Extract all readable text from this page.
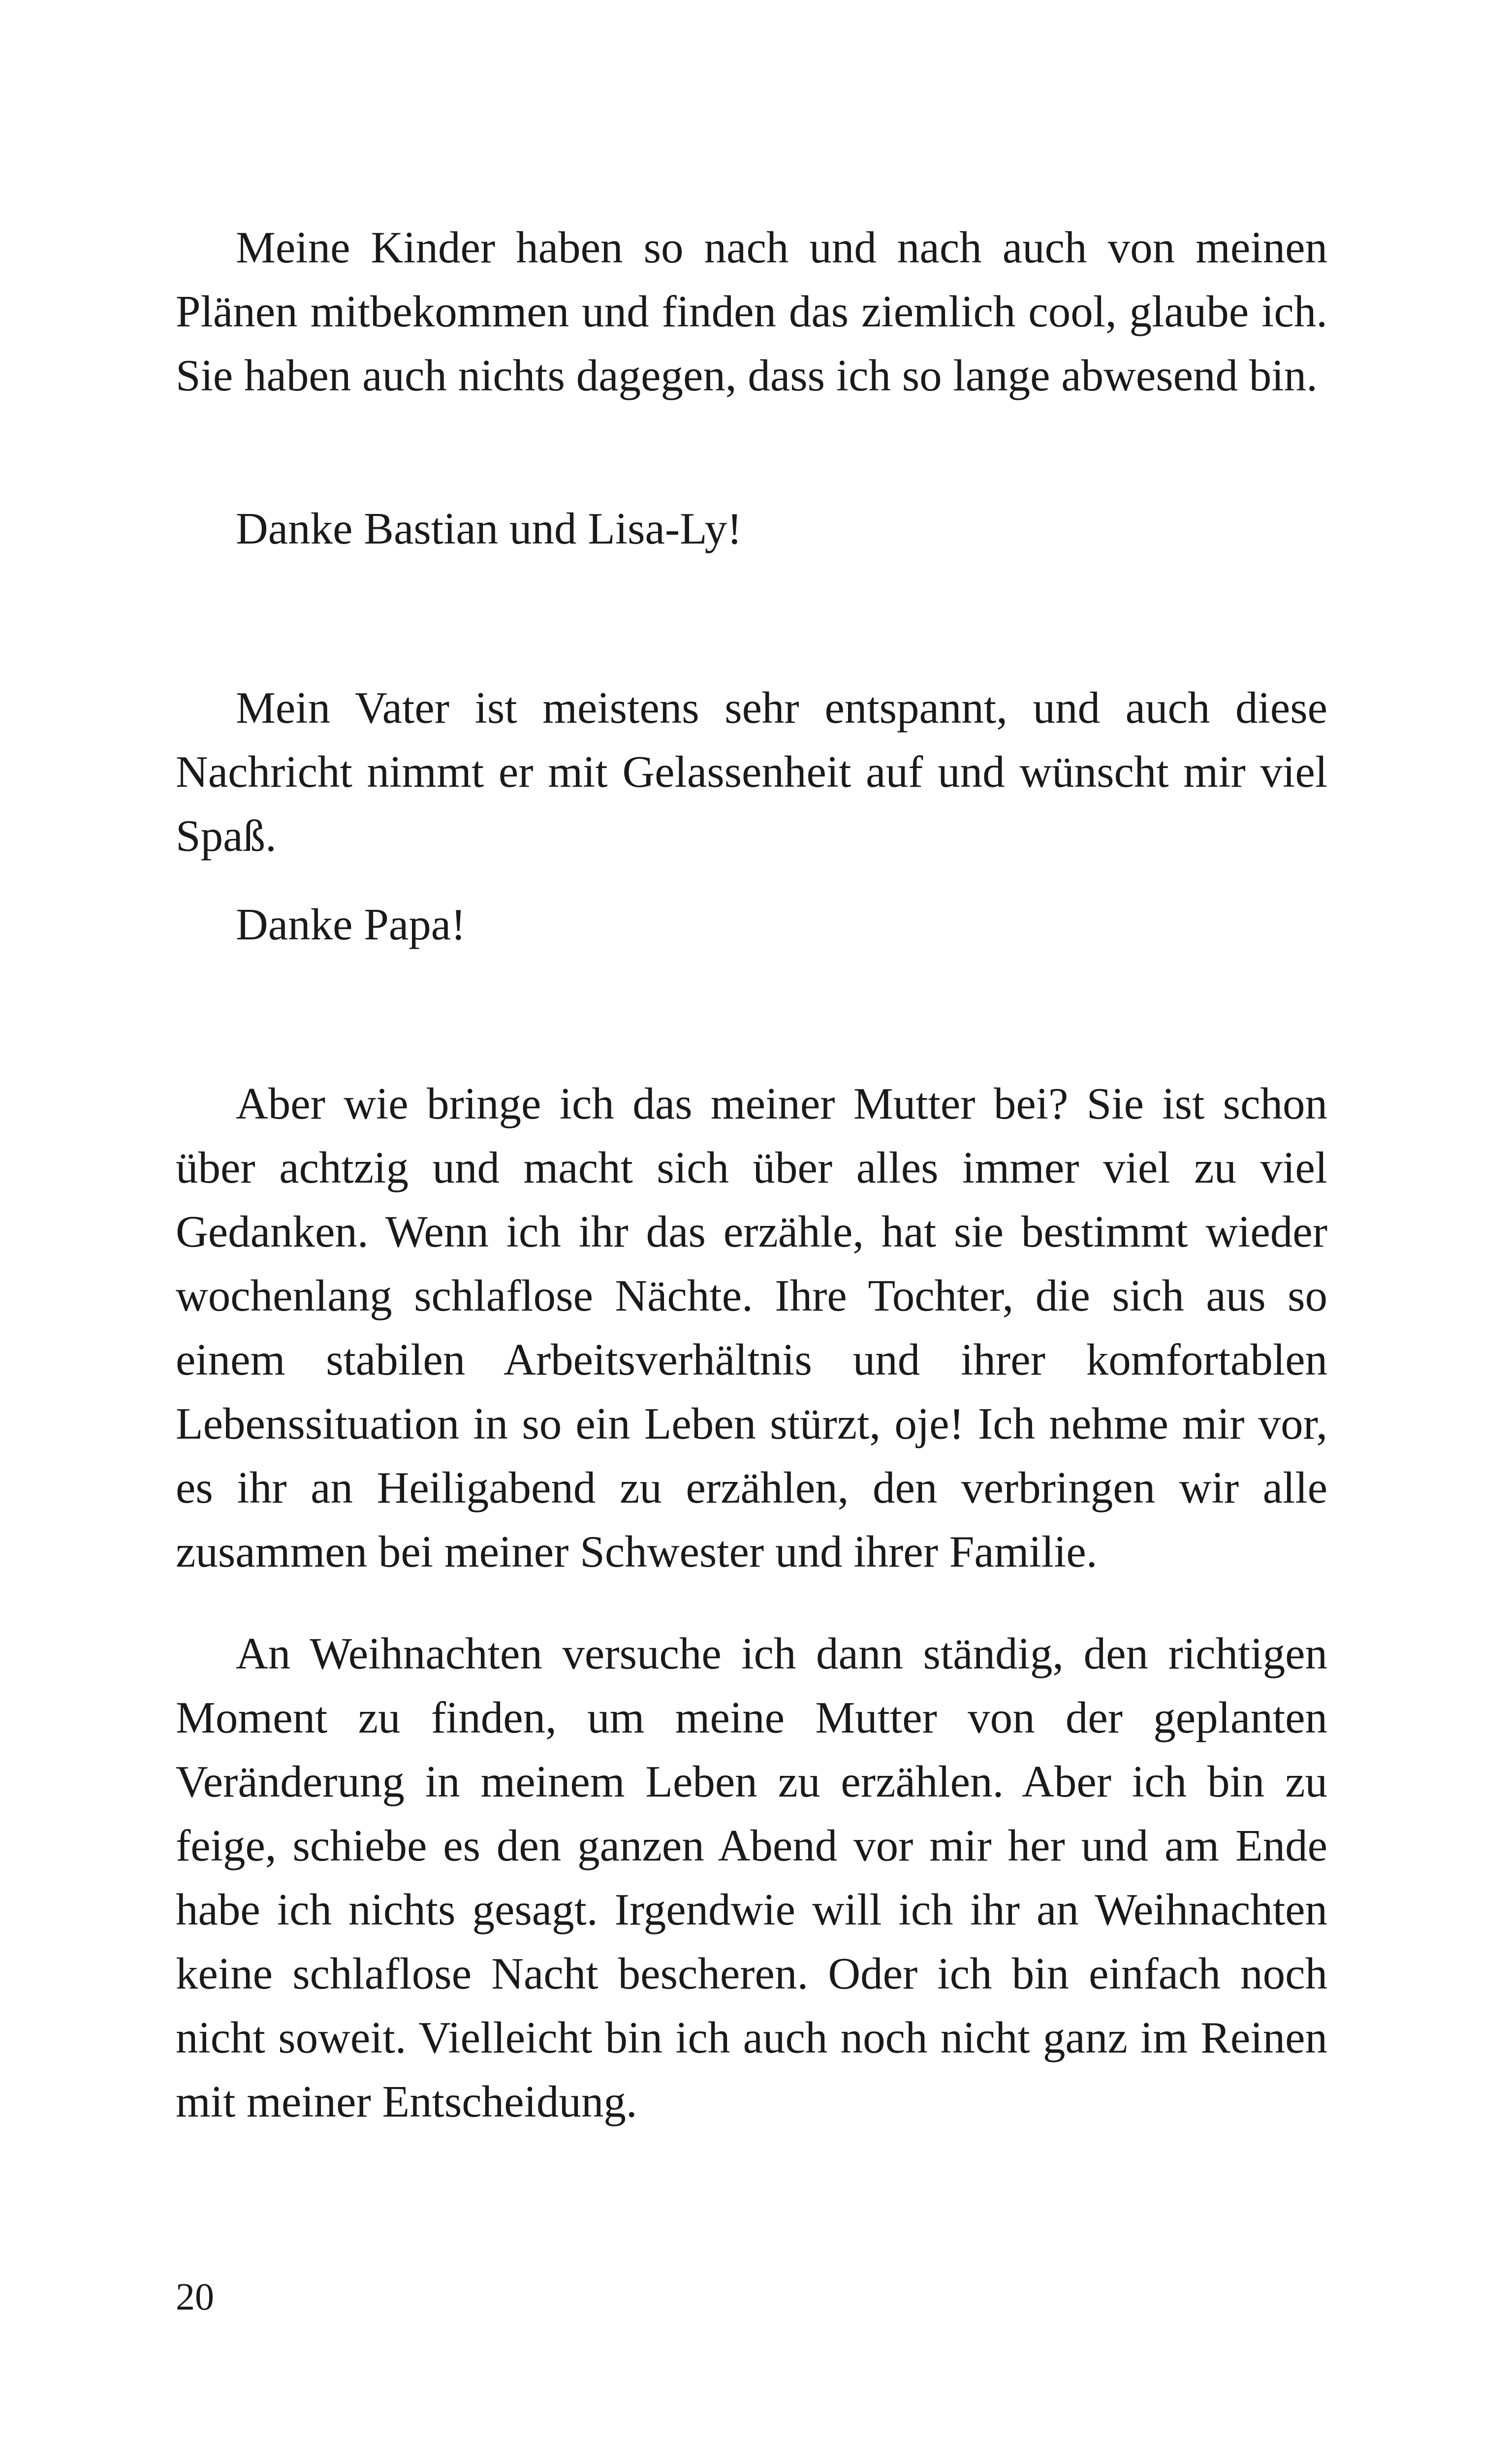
Meine Kinder haben so nach und nach auch von meinen Plänen mitbekommen und finden das ziemlich cool, glaube ich. Sie haben auch nichts dagegen, dass ich so lange abwesend bin.

Danke Bastian und Lisa-Ly!

Mein Vater ist meistens sehr entspannt, und auch diese Nachricht nimmt er mit Gelassenheit auf und wünscht mir viel Spaß.

Danke Papa!

Aber wie bringe ich das meiner Mutter bei? Sie ist schon über achtzig und macht sich über alles immer viel zu viel Gedanken. Wenn ich ihr das erzähle, hat sie bestimmt wieder wochenlang schlaflose Nächte. Ihre Tochter, die sich aus so einem stabilen Arbeitsverhältnis und ihrer komfortablen Lebenssituation in so ein Leben stürzt, oje! Ich nehme mir vor, es ihr an Heiligabend zu erzählen, den verbringen wir alle zusammen bei meiner Schwester und ihrer Familie.

An Weihnachten versuche ich dann ständig, den richtigen Moment zu finden, um meine Mutter von der geplanten Veränderung in meinem Leben zu erzählen. Aber ich bin zu feige, schiebe es den ganzen Abend vor mir her und am Ende habe ich nichts gesagt. Irgendwie will ich ihr an Weihnachten keine schlaflose Nacht bescheren. Oder ich bin einfach noch nicht soweit. Vielleicht bin ich auch noch nicht ganz im Reinen mit meiner Entscheidung.

20
